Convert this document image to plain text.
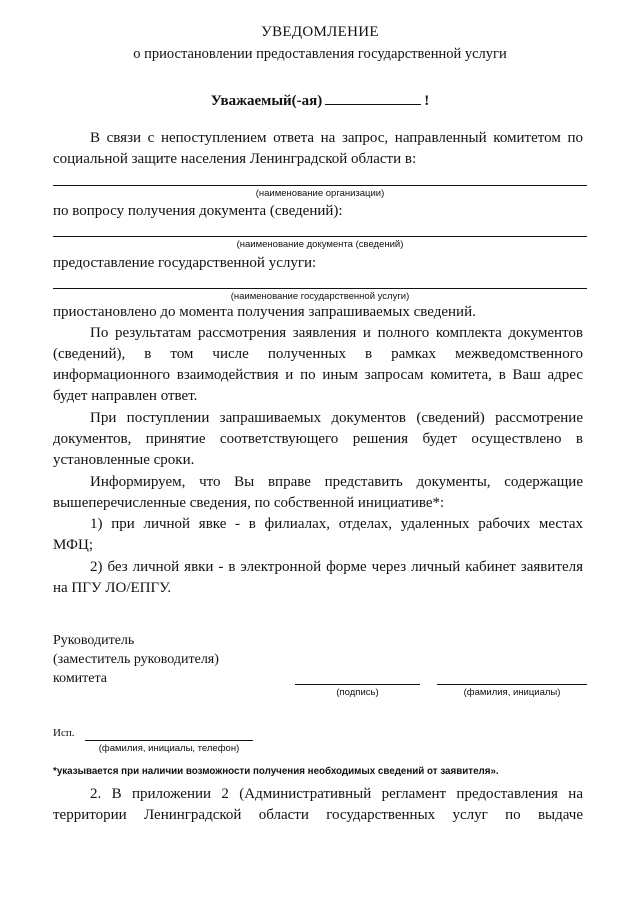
УВЕДОМЛЕНИЕ
о приостановлении предоставления государственной услуги
Уважаемый(-ая)	!
В связи с непоступлением ответа на запрос, направленный комитетом по
социальной защите населения Ленинградской области в:
(наименование организации)
по вопросу получения документа (сведений):
(наименование документа (сведений)
предоставление государственной услуги:
(наименование государственной услуги)
приостановлено до момента получения запрашиваемых сведений.
По результатам рассмотрения заявления и полного комплекта документов
(сведений), в том числе полученных в рамках межведомственного
информационного взаимодействия и по иным запросам комитета, в Ваш адрес
будет направлен ответ.
При поступлении запрашиваемых документов (сведений) рассмотрение
документов, принятие соответствующего решения будет осуществлено в
установленные сроки.
Информируем, что Вы вправе представить документы, содержащие
вышеперечисленные сведения, по собственной инициативе*:
1) при личной явке - в филиалах, отделах, удаленных рабочих местах
МФЦ;
2) без личной явки - в электронной форме через личный кабинет заявителя
на ПГУ ЛО/ЕПГУ.
Руководитель
(заместитель руководителя)
комитета
(подпись)	(фамилия, инициалы)
Исп.
(фамилия, инициалы, телефон)
*указывается при наличии возможности получения необходимых сведений от заявителя».
2. В приложении 2 (Административный регламент предоставления на
территории Ленинградской области государственных услуг по выдаче
